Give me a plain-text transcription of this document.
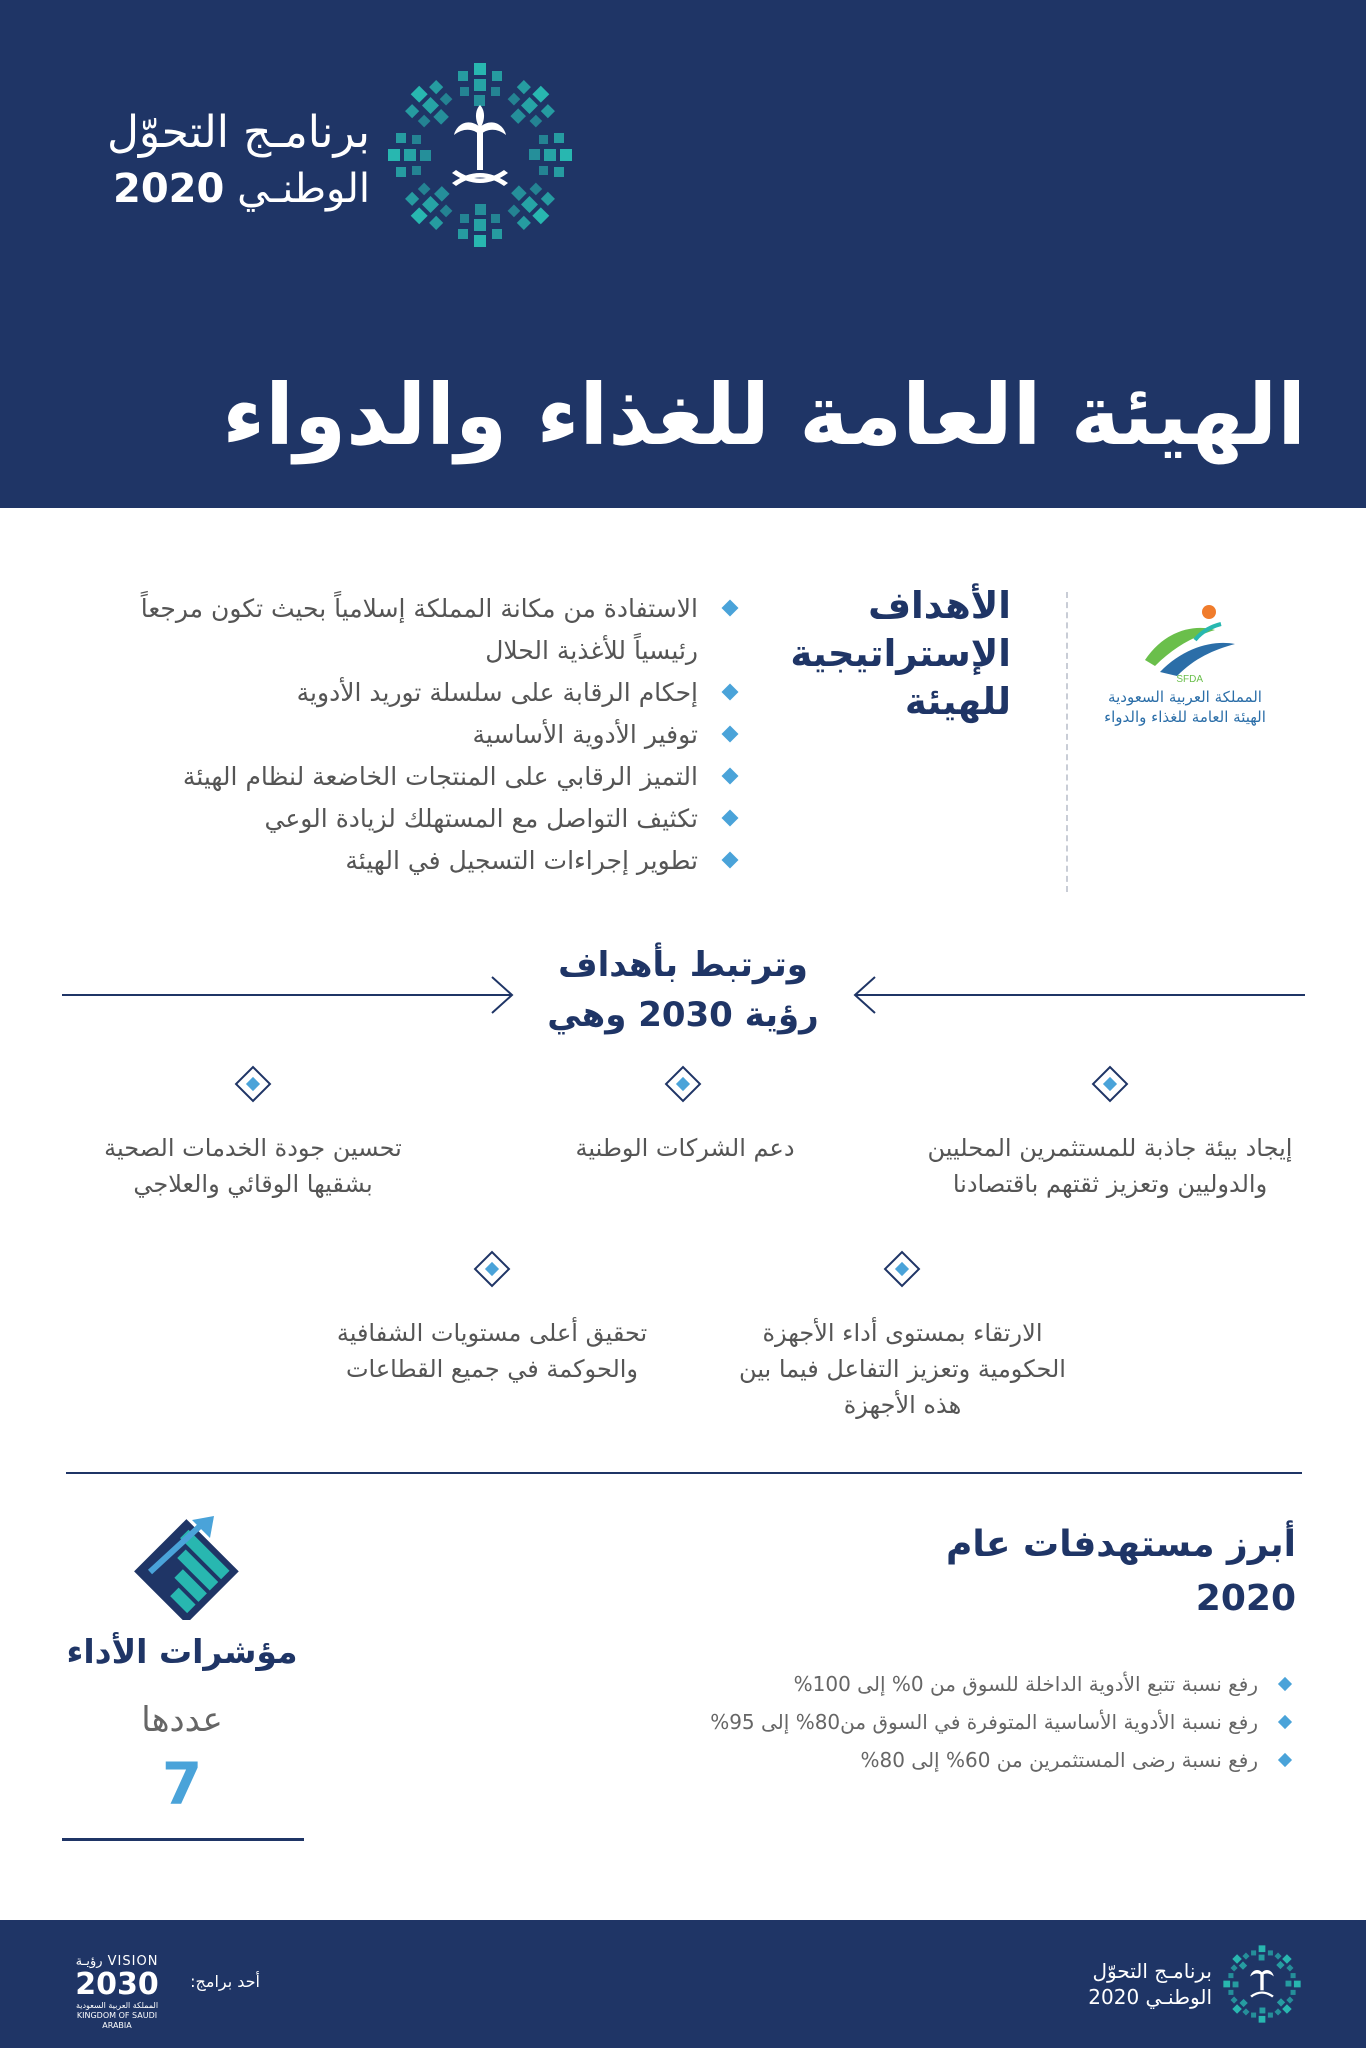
برنامـج التحوّل
الوطنـي 2020
الهيئة العامة للغذاء والدواء
SFDA
المملكة العربية السعودية
الهيئة العامة للغذاء والدواء
الأهداف الإستراتيجية للهيئة
الاستفادة من مكانة المملكة إسلامياً بحيث تكون مرجعاً رئيسياً للأغذية الحلال
إحكام الرقابة على سلسلة توريد الأدوية
توفير الأدوية الأساسية
التميز الرقابي على المنتجات الخاضعة لنظام الهيئة
تكثيف التواصل مع المستهلك لزيادة الوعي
تطوير إجراءات التسجيل في الهيئة
وترتبط بأهداف رؤية 2030 وهي
إيجاد بيئة جاذبة للمستثمرين المحليين والدوليين وتعزيز ثقتهم باقتصادنا
دعم الشركات الوطنية
تحسين جودة الخدمات الصحية بشقيها الوقائي والعلاجي
الارتقاء بمستوى أداء الأجهزة الحكومية وتعزيز التفاعل فيما بين هذه الأجهزة
تحقيق أعلى مستويات الشفافية والحوكمة في جميع القطاعات
مؤشرات الأداء
عددها
7
أبرز مستهدفات عام 2020
رفع نسبة تتبع الأدوية الداخلة للسوق من 0% إلى 100%
رفع نسبة الأدوية الأساسية المتوفرة في السوق من80% إلى 95%
رفع نسبة رضى المستثمرين من 60% إلى 80%
برنامـج التحوّل
الوطنـي 2020
أحد برامج:
VISION رؤيـة
2030
المملكة العربية السعودية
KINGDOM OF SAUDI ARABIA
